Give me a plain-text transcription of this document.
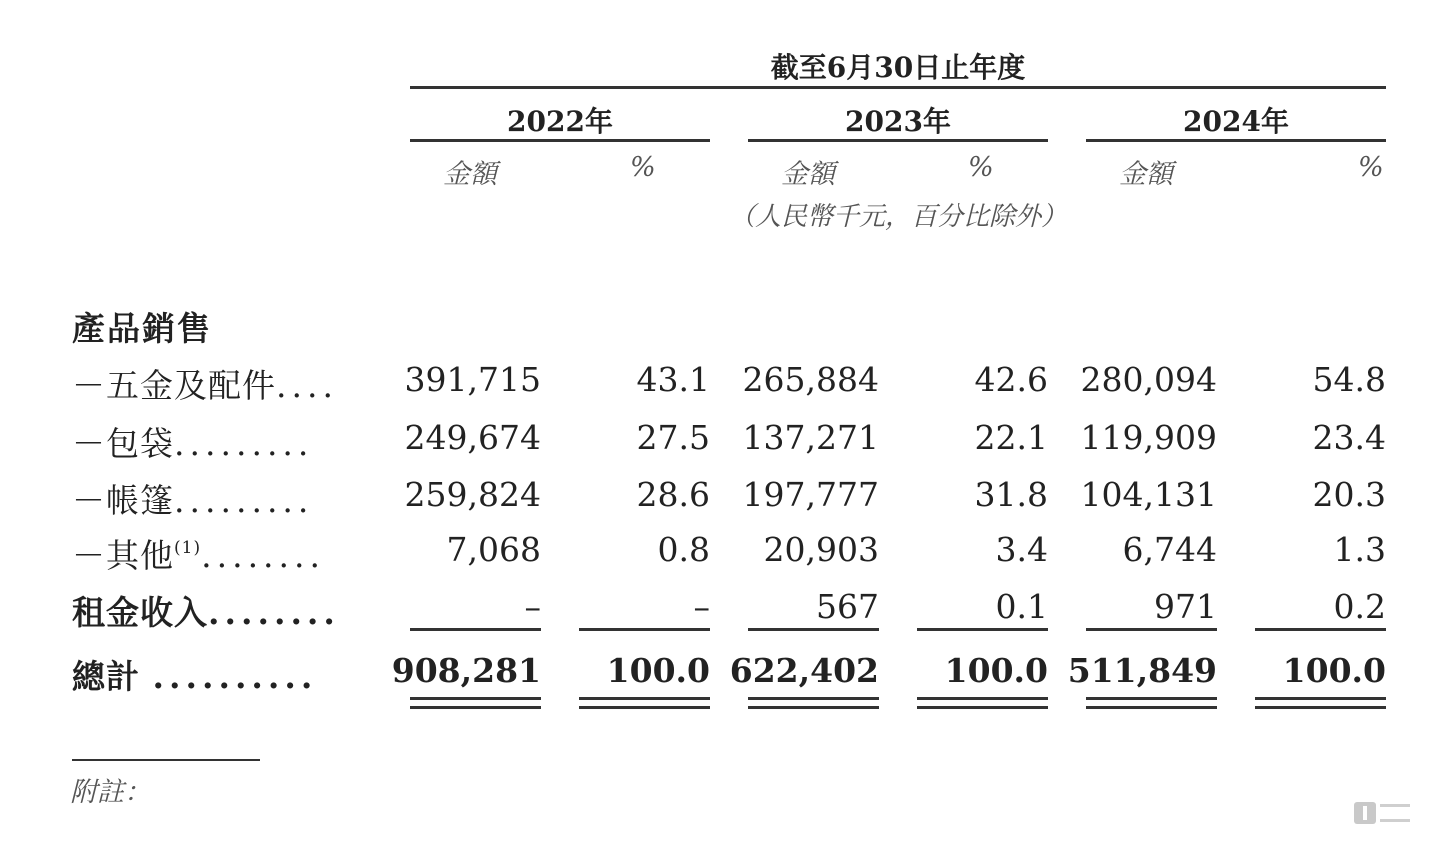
截至6月30日止年度
2022年	2023年	2024年
金額	%	金額	%	金額	%
（人民幣千元，百分比除外）
產品銷售
－五金及配件....	391,715	43.1 265,884	42.6 280,094	54.8
－包袋.........	249,674	27.5 137,271	22.1 119,909	23.4
－帳篷.........	259,824	28.6 197,777	31.8 104,131	20.3
－其他$^{(1)}$........	7,068	0.8	20,903	3.4	6,744	1.3
租金收入........	–	–	567	0.1	971	0.2
總計 .......... 908,281	100.0 622,402	100.0 511,849	100.0
附註：
